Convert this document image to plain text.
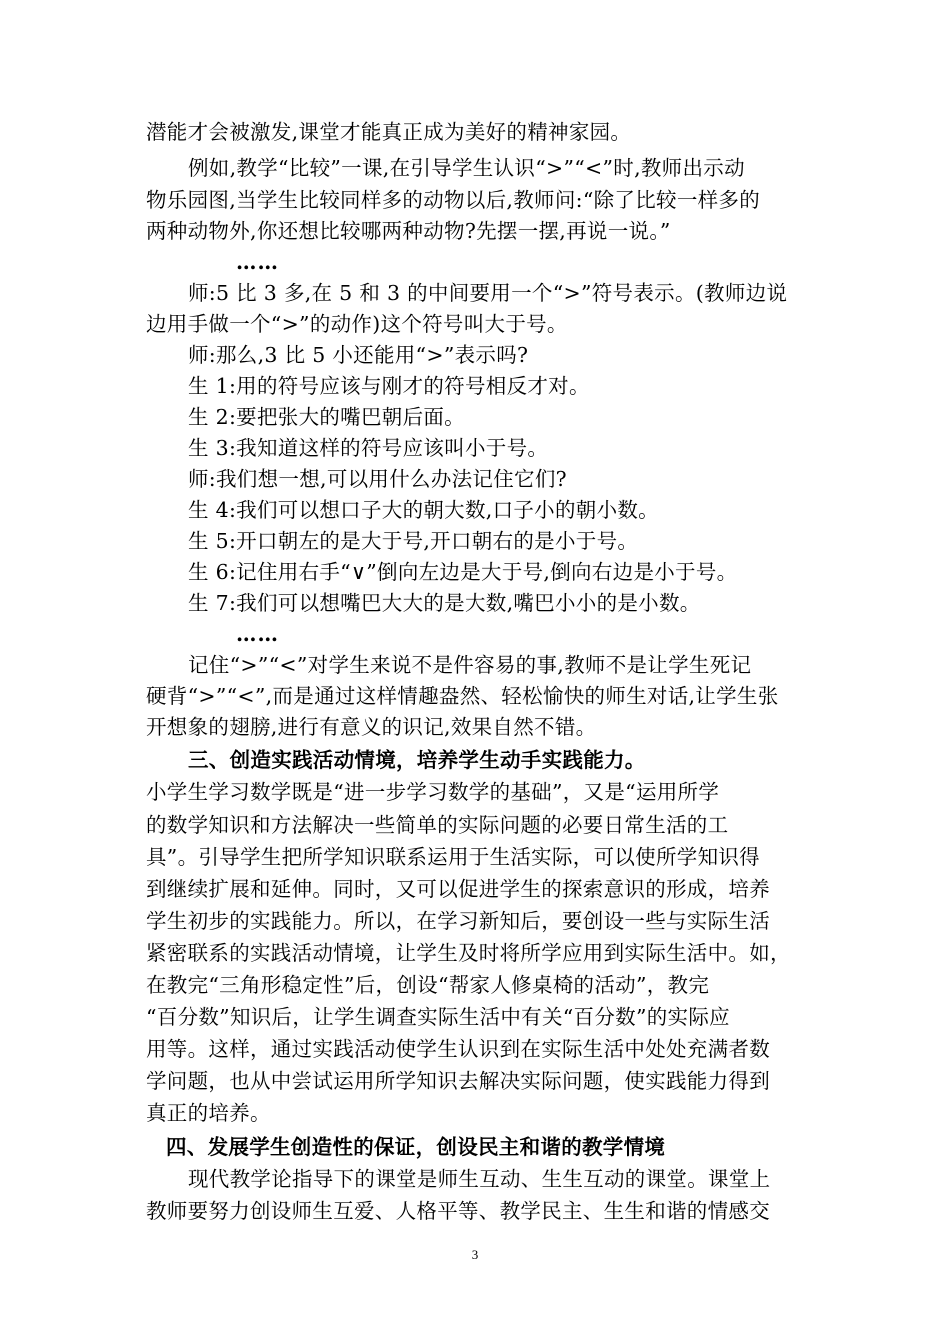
潜能才会被激发,课堂才能真正成为美好的精神家园。
例如,教学“比较”一课,在引导学生认识“>”“<”时,教师出示动
物乐园图,当学生比较同样多的动物以后,教师问:“除了比较一样多的
两种动物外,你还想比较哪两种动物?先摆一摆,再说一说。”
……
师:5 比 3 多,在 5 和 3 的中间要用一个“>”符号表示。(教师边说
边用手做一个“>”的动作)这个符号叫大于号。
师:那么,3 比 5 小还能用“>”表示吗?
生 1:用的符号应该与刚才的符号相反才对。
生 2:要把张大的嘴巴朝后面。
生 3:我知道这样的符号应该叫小于号。
师:我们想一想,可以用什么办法记住它们?
生 4:我们可以想口子大的朝大数,口子小的朝小数。
生 5:开口朝左的是大于号,开口朝右的是小于号。
生 6:记住用右手“∨”倒向左边是大于号,倒向右边是小于号。
生 7:我们可以想嘴巴大大的是大数,嘴巴小小的是小数。
……
记住“>”“<”对学生来说不是件容易的事,教师不是让学生死记
硬背“>”“<”,而是通过这样情趣盎然、轻松愉快的师生对话,让学生张
开想象的翅膀,进行有意义的识记,效果自然不错。
三、创造实践活动情境，培养学生动手实践能力。
小学生学习数学既是“进一步学习数学的基础”，又是“运用所学
的数学知识和方法解决一些简单的实际问题的必要日常生活的工
具”。引导学生把所学知识联系运用于生活实际，可以使所学知识得
到继续扩展和延伸。同时，又可以促进学生的探索意识的形成，培养
学生初步的实践能力。所以，在学习新知后，要创设一些与实际生活
紧密联系的实践活动情境，让学生及时将所学应用到实际生活中。如，
在教完“三角形稳定性”后，创设“帮家人修桌椅的活动”，教完
“百分数”知识后，让学生调查实际生活中有关“百分数”的实际应
用等。这样，通过实践活动使学生认识到在实际生活中处处充满者数
学问题，也从中尝试运用所学知识去解决实际问题，使实践能力得到
真正的培养。
四、发展学生创造性的保证，创设民主和谐的教学情境
现代教学论指导下的课堂是师生互动、生生互动的课堂。课堂上
教师要努力创设师生互爱、人格平等、教学民主、生生和谐的情感交
3
